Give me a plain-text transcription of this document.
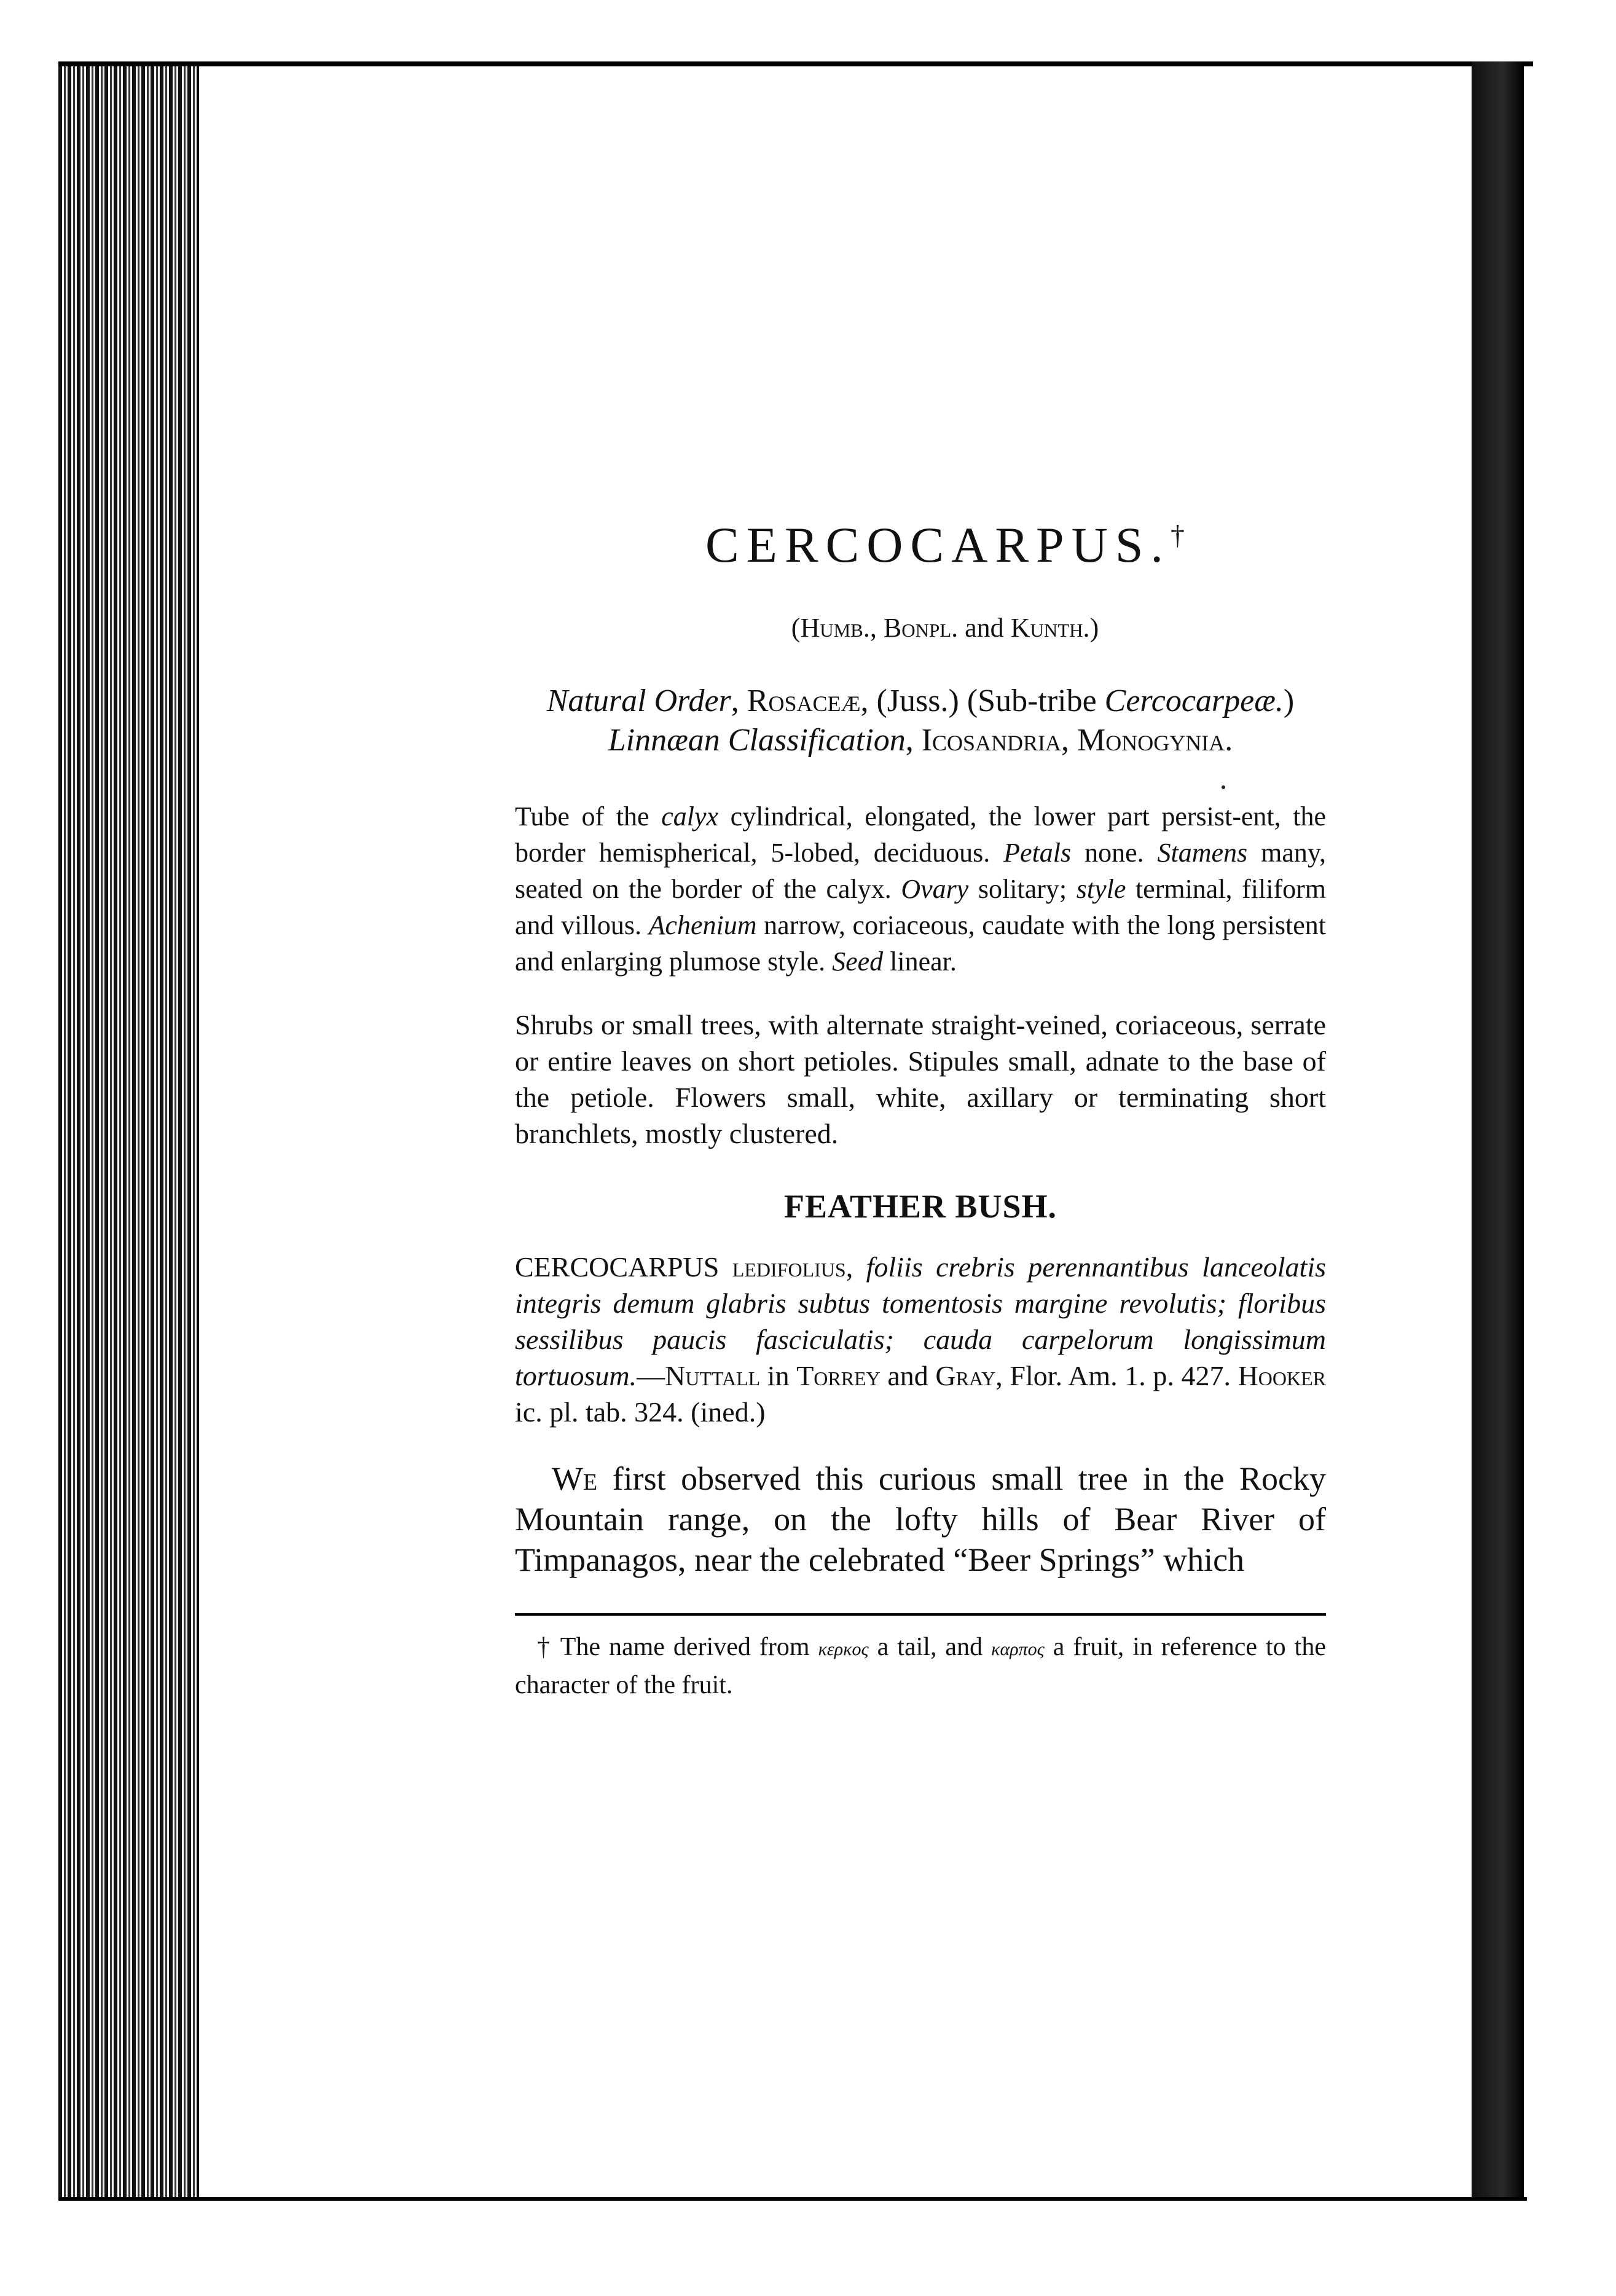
CERCOCARPUS.†
(Humb., Bonpl. and Kunth.)
Natural Order, Rosaceæ, (Juss.) (Sub-tribe Cercocarpeæ.)
Linnæan Classification, Icosandria, Monogynia.

Tube of the calyx cylindrical, elongated, the lower part persist-ent, the border hemispherical, 5-lobed, deciduous. Petals none. Stamens many, seated on the border of the calyx. Ovary solitary; style terminal, filiform and villous. Achenium narrow, coriaceous, caudate with the long persistent and enlarging plumose style. Seed linear.

Shrubs or small trees, with alternate straight-veined, coriaceous, serrate or entire leaves on short petioles. Stipules small, adnate to the base of the petiole. Flowers small, white, axillary or terminating short branchlets, mostly clustered.

FEATHER BUSH.

CERCOCARPUS ledifolius, foliis crebris perennantibus lanceolatis integris demum glabris subtus tomentosis margine revolutis; floribus sessilibus paucis fasciculatis; cauda carpelorum longissimum tortuosum.—Nuttall in Torrey and Gray, Flor. Am. 1. p. 427. Hooker ic. pl. tab. 324. (ined.)

We first observed this curious small tree in the Rocky Mountain range, on the lofty hills of Bear River of Timpanagos, near the celebrated “Beer Springs” which

† The name derived from κερκος a tail, and καρπος a fruit, in reference to the character of the fruit.
